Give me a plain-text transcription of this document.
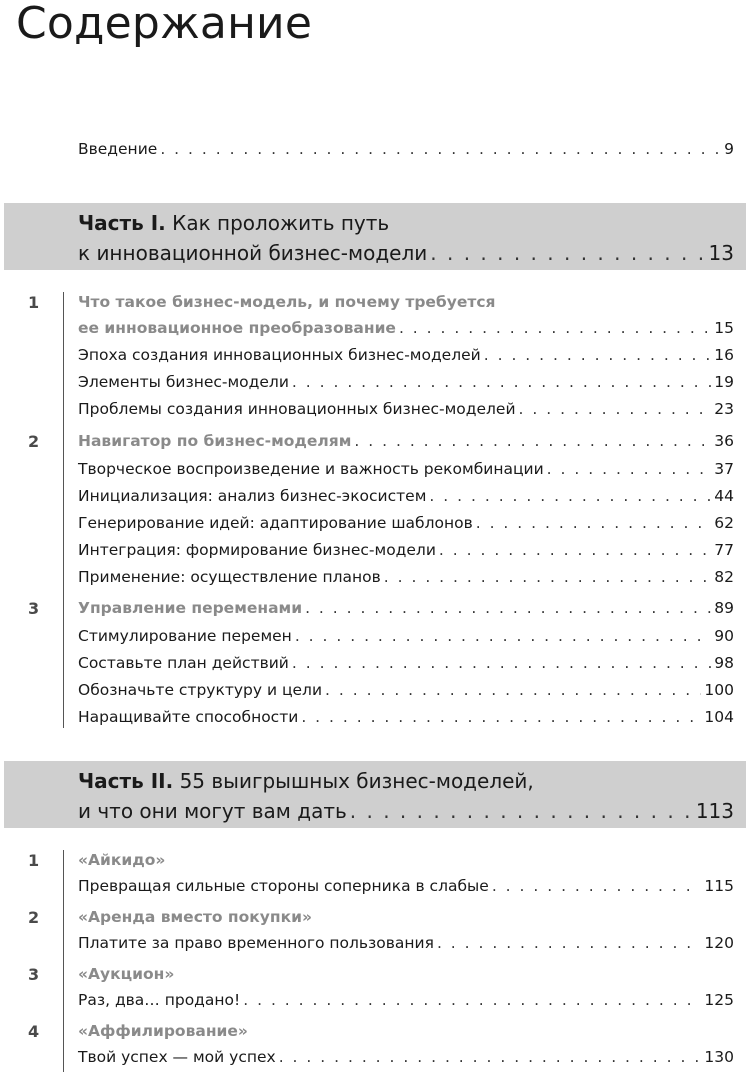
Содержание
Введение . . .	9
Часть I. Как проложить путь
к инновационной бизнес-модели . . .	13
1	Что такое бизнес-модель, и почему требуется
ее инновационное преобразование . . .	15
Эпоха создания инновационных бизнес-моделей . . .	16
Элементы бизнес-модели . . .	19
Проблемы создания инновационных бизнес-моделей . . .	23
2	Навигатор по бизнес-моделям . . .	36
Творческое воспроизведение и важность рекомбинации . . .	37
Инициализация: анализ бизнес-экосистем . . .	44
Генерирование идей: адаптирование шаблонов . . .	62
Интеграция: формирование бизнес-модели . . .	77
Применение: осуществление планов . . .	82
3	Управление переменами . . .	89
Стимулирование перемен . . .	90
Составьте план действий . . .	98
Обозначьте структуру и цели . . .	100
Наращивайте способности . . .	104
Часть II. 55 выигрышных бизнес-моделей,
и что они могут вам дать . . .	113
1	«Айкидо»
Превращая сильные стороны соперника в слабые . . .	115
2	«Аренда вместо покупки»
Платите за право временного пользования . . .	120
3	«Аукцион»
Раз, два… продано! . . .	125
4	«Аффилирование»
Твой успех — мой успех . . .	130
